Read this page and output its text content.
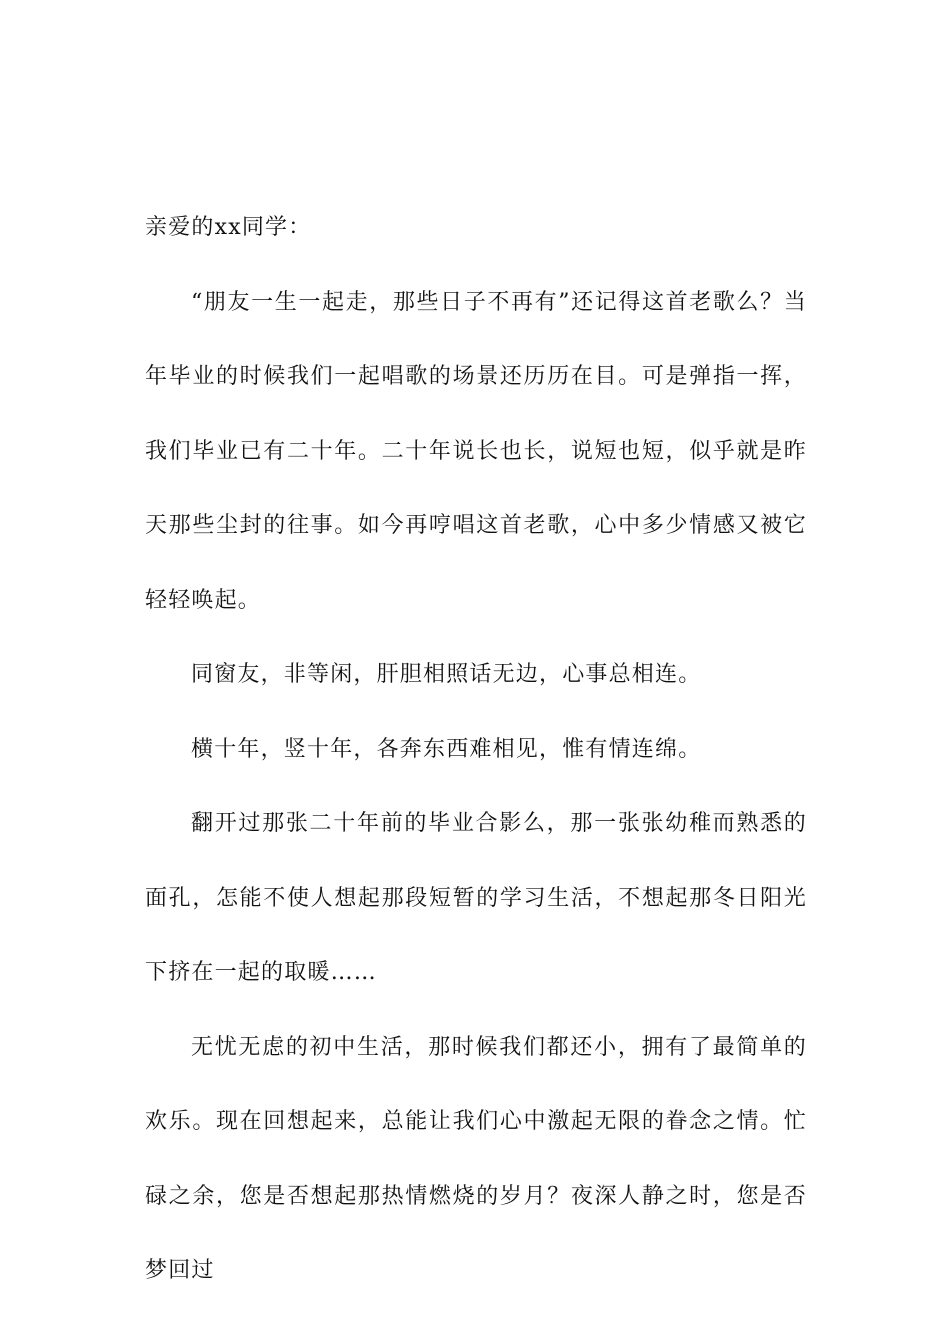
亲爱的xx同学：

“朋友一生一起走，那些日子不再有”还记得这首老歌么？当年毕业的时候我们一起唱歌的场景还历历在目。可是弹指一挥，我们毕业已有二十年。二十年说长也长，说短也短，似乎就是昨天那些尘封的往事。如今再哼唱这首老歌，心中多少情感又被它轻轻唤起。

同窗友，非等闲，肝胆相照话无边，心事总相连。

横十年，竖十年，各奔东西难相见，惟有情连绵。

翻开过那张二十年前的毕业合影么，那一张张幼稚而熟悉的面孔，怎能不使人想起那段短暂的学习生活，不想起那冬日阳光下挤在一起的取暖……

无忧无虑的初中生活，那时候我们都还小，拥有了最简单的欢乐。现在回想起来，总能让我们心中激起无限的眷念之情。忙碌之余，您是否想起那热情燃烧的岁月？夜深人静之时，您是否梦回过
